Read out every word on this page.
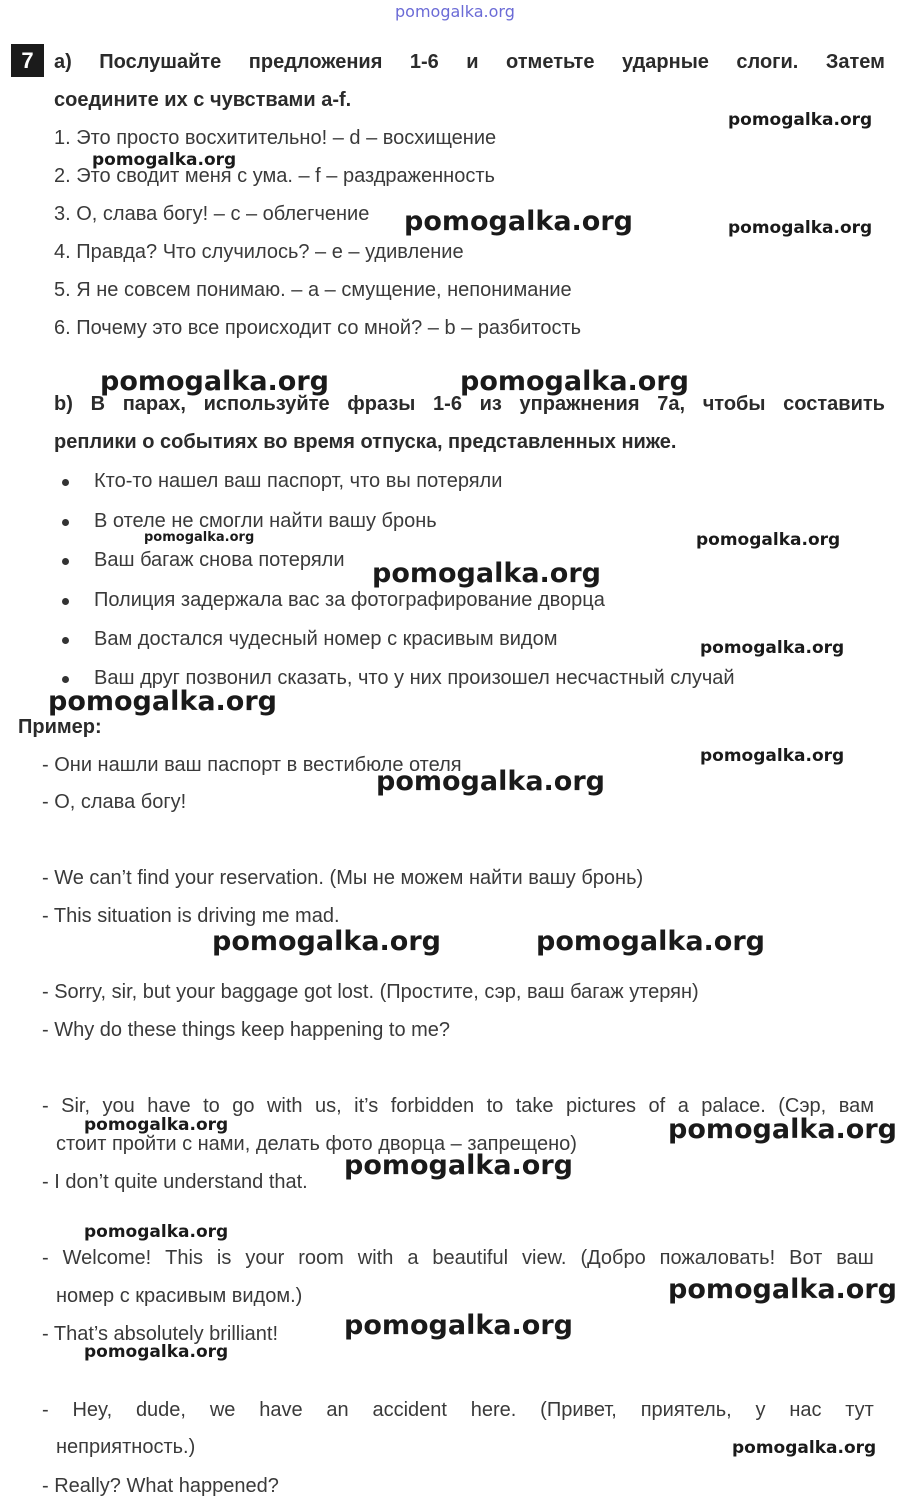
pomogalka.org
7	a) Послушайте предложения 1-6 и отметьте ударные слоги. Затем
соедините их с чувствами a-f.
1. Это просто восхитительно! – d – восхищение
2. Это сводит меня с ума. – f – раздраженность
3. О, слава богу! – c – облегчение
4. Правда? Что случилось? – e – удивление
5. Я не совсем понимаю. – a – смущение, непонимание
6. Почему это все происходит со мной? – b – разбитость
b) В парах, используйте фразы 1-6 из упражнения 7a, чтобы составить
реплики о событиях во время отпуска, представленных ниже.
Кто-то нашел ваш паспорт, что вы потеряли
В отеле не смогли найти вашу бронь
Ваш багаж снова потеряли
Полиция задержала вас за фотографирование дворца
Вам достался чудесный номер с красивым видом
Ваш друг позвонил сказать, что у них произошел несчастный случай
Пример:
- Они нашли ваш паспорт в вестибюле отеля
- О, слава богу!
- We can’t find your reservation. (Мы не можем найти вашу бронь)
- This situation is driving me mad.
- Sorry, sir, but your baggage got lost. (Простите, сэр, ваш багаж утерян)
- Why do these things keep happening to me?
- Sir, you have to go with us, it’s forbidden to take pictures of a palace. (Сэр, вам
стоит пройти с нами, делать фото дворца – запрещено)
- I don’t quite understand that.
- Welcome! This is your room with a beautiful view. (Добро пожаловать! Вот ваш
номер с красивым видом.)
- That’s absolutely brilliant!
- Hey, dude, we have an accident here. (Привет, приятель, у нас тут
неприятность.)
- Really? What happened?
pomogalka.org
pomogalka.org
pomogalka.org	pomogalka.org
pomogalka.org	pomogalka.org
pomogalka.org	pomogalka.org
pomogalka.org
pomogalka.org
pomogalka.org
pomogalka.org
pomogalka.org
pomogalka.org	pomogalka.org
pomogalka.org	pomogalka.org
pomogalka.org
pomogalka.org
pomogalka.org
pomogalka.org
pomogalka.org
pomogalka.org
